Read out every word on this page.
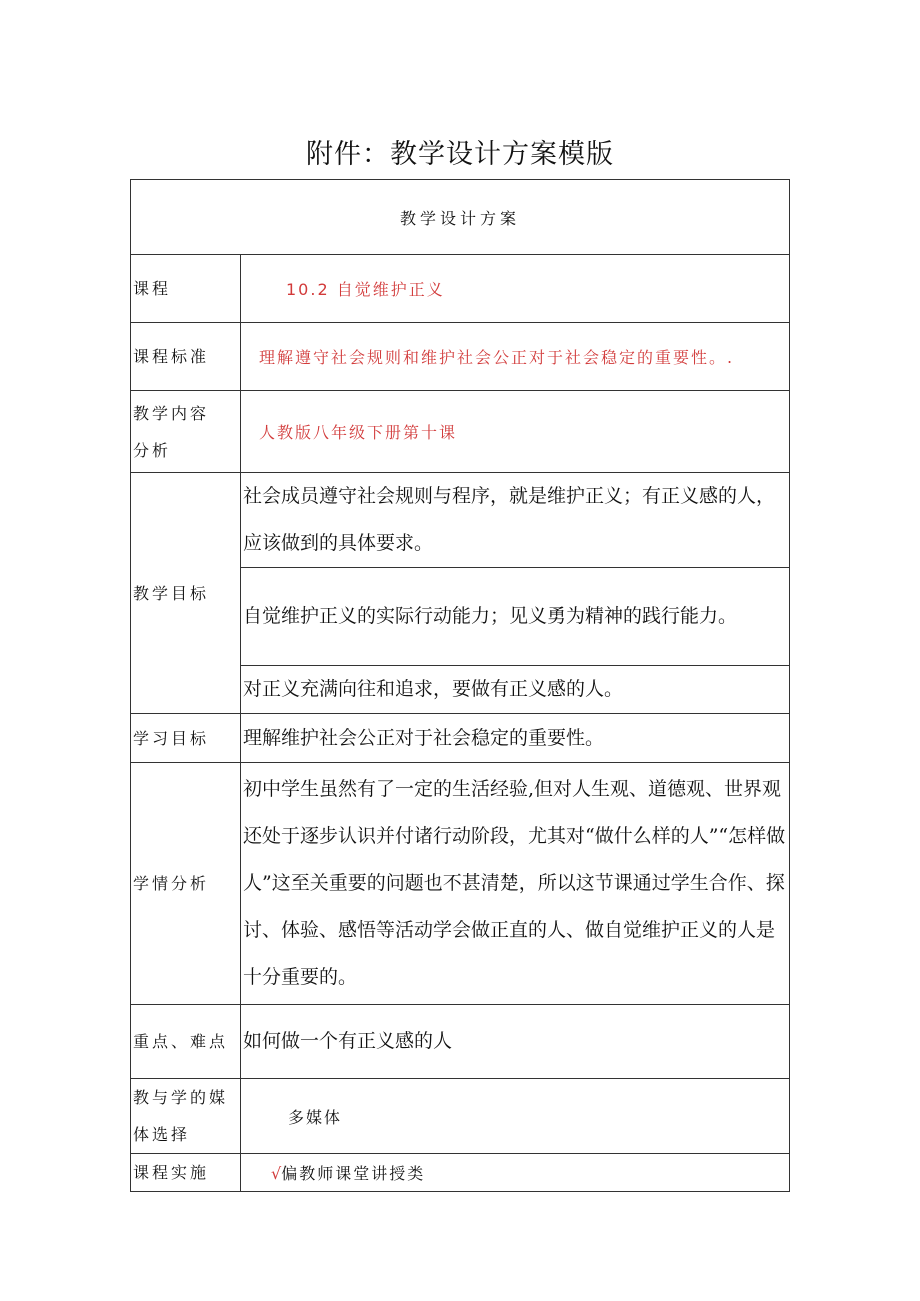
附件：教学设计方案模版
教学设计方案	
课程	10.2 自觉维护正义
课程标准	理解遵守社会规则和维护社会公正对于社会稳定的重要性。.

教学内容
分析	人教版八年级下册第十课
教学目标	社会成员遵守社会规则与程序，就是维护正义；有正义感的人，应该做到的具体要求。
	自觉维护正义的实际行动能力；见义勇为精神的践行能力。
	对正义充满向往和追求，要做有正义感的人。
学习目标	理解维护社会公正对于社会稳定的重要性。
学情分析	初中学生虽然有了一定的生活经验,但对人生观、道德观、世界观还处于逐步认识并付诸行动阶段，尤其对“做什么样的人”“怎样做人”这至关重要的问题也不甚清楚，所以这节课通过学生合作、探讨、体验、感悟等活动学会做正直的人、做自觉维护正义的人是十分重要的。
重点、难点	如何做一个有正义感的人

教与学的媒
体选择	多媒体
课程实施	√偏教师课堂讲授类
